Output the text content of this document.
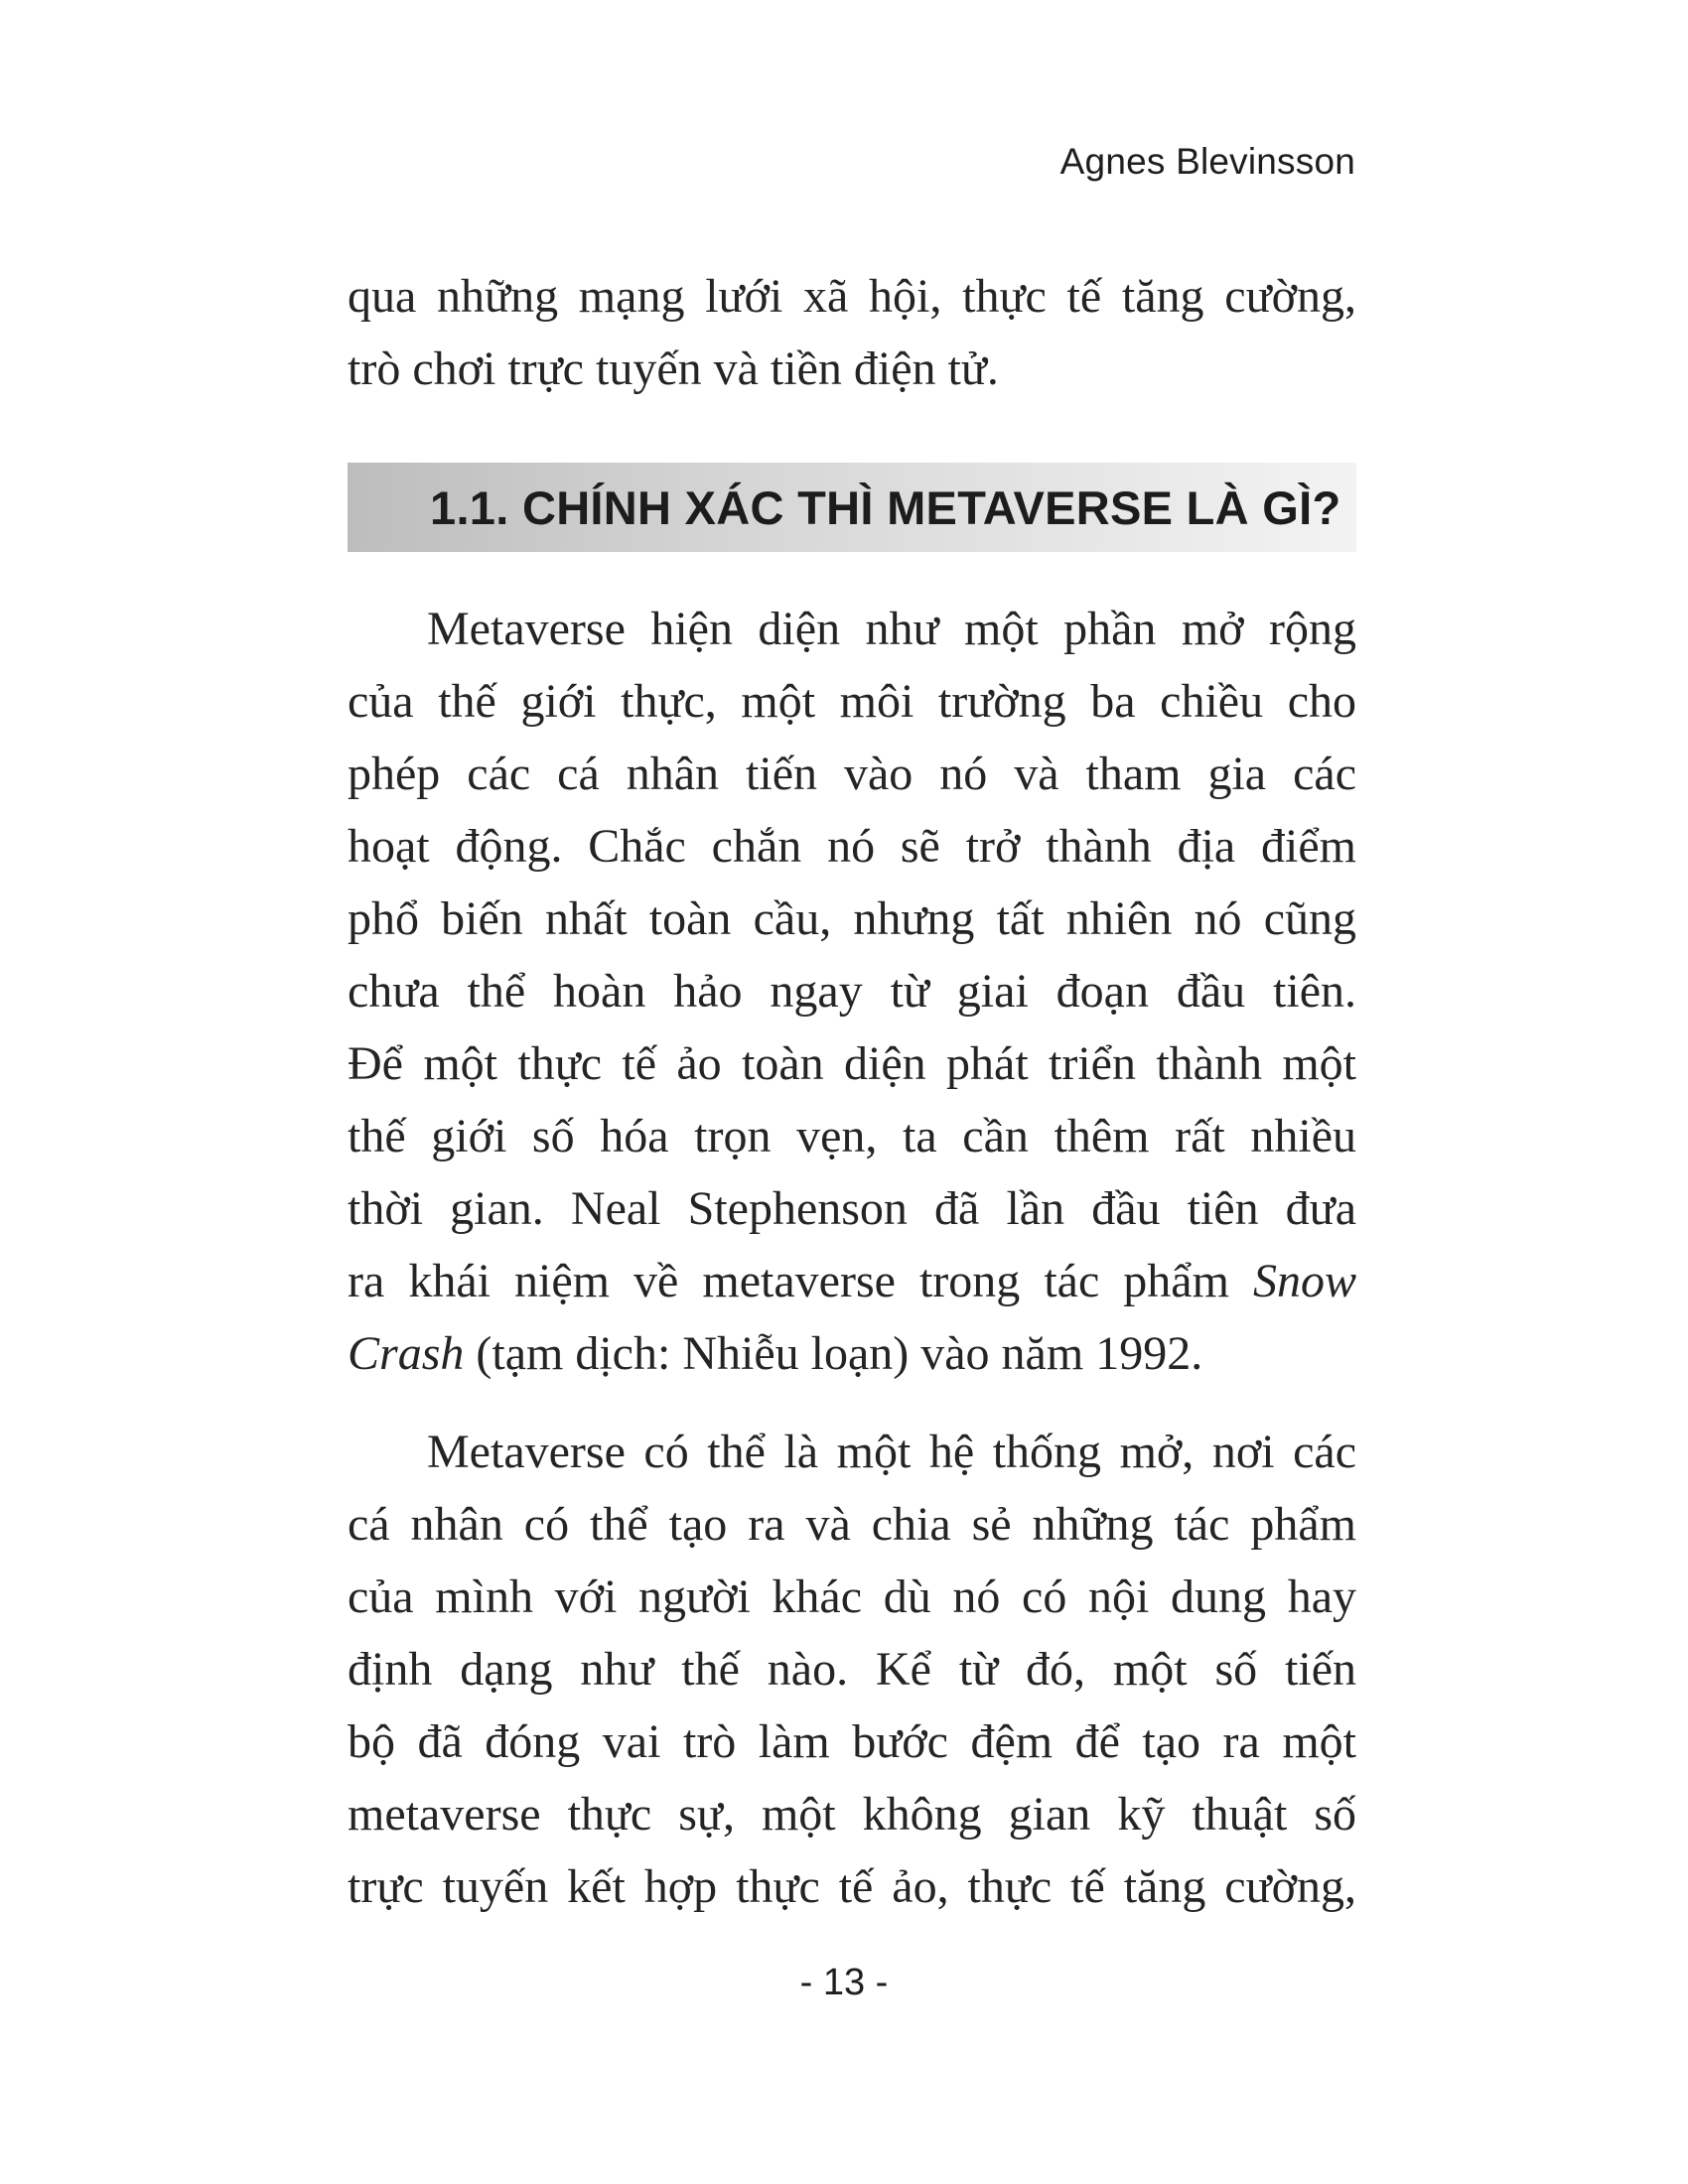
Agnes Blevinsson
qua những mạng lưới xã hội, thực tế tăng cường,
trò chơi trực tuyến và tiền điện tử.
1.1. CHÍNH XÁC THÌ METAVERSE LÀ GÌ?
Metaverse hiện diện như một phần mở rộng
của thế giới thực, một môi trường ba chiều cho
phép các cá nhân tiến vào nó và tham gia các
hoạt động. Chắc chắn nó sẽ trở thành địa điểm
phổ biến nhất toàn cầu, nhưng tất nhiên nó cũng
chưa thể hoàn hảo ngay từ giai đoạn đầu tiên.
Để một thực tế ảo toàn diện phát triển thành một
thế giới số hóa trọn vẹn, ta cần thêm rất nhiều
thời gian. Neal Stephenson đã lần đầu tiên đưa
ra khái niệm về metaverse trong tác phẩm Snow
Crash (tạm dịch: Nhiễu loạn) vào năm 1992.
Metaverse có thể là một hệ thống mở, nơi các
cá nhân có thể tạo ra và chia sẻ những tác phẩm
của mình với người khác dù nó có nội dung hay
định dạng như thế nào. Kể từ đó, một số tiến
bộ đã đóng vai trò làm bước đệm để tạo ra một
metaverse thực sự, một không gian kỹ thuật số
trực tuyến kết hợp thực tế ảo, thực tế tăng cường,
- 13 -
